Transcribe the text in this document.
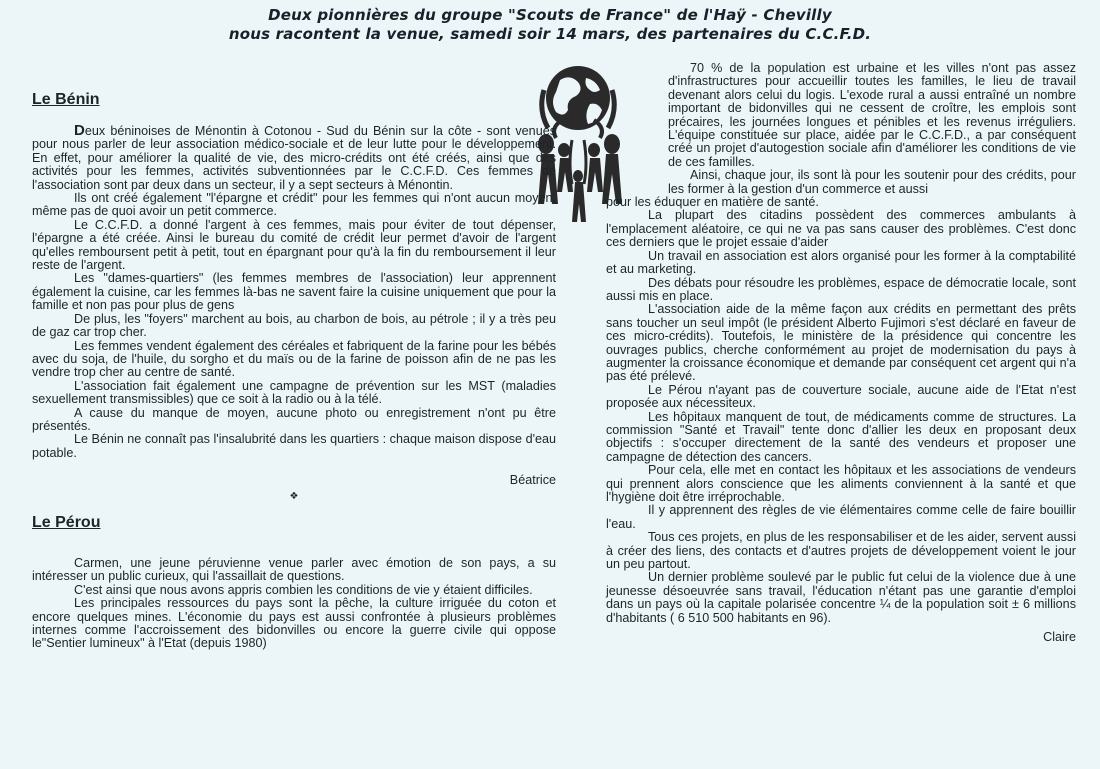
Deux pionnières du groupe "Scouts de France" de l'Haÿ - Chevilly
nous racontent la venue, samedi soir 14 mars, des partenaires du C.C.F.D.

Le Bénin

Deux béninoises de Ménontin à Cotonou - Sud du Bénin sur la côte - sont venues pour nous parler de leur association médico-sociale et de leur lutte pour le développement. En effet, pour améliorer la qualité de vie, des micro-crédits ont été créés, ainsi que des activités pour les femmes, activités subventionnées par le C.C.F.D. Ces femmes de l'association sont par deux dans un secteur, il y a sept secteurs à Ménontin.

Ils ont créé également "l'épargne et crédit" pour les femmes qui n'ont aucun moyen, même pas de quoi avoir un petit commerce.

Le C.C.F.D. a donné l'argent à ces femmes, mais pour éviter de tout dépenser, l'épargne a été créée. Ainsi le bureau du comité de crédit leur permet d'avoir de l'argent qu'elles remboursent petit à petit, tout en épargnant pour qu'à la fin du remboursement il leur reste de l'argent.

Les "dames-quartiers" (les femmes membres de l'association) leur apprennent également la cuisine, car les femmes là-bas ne savent faire la cuisine uniquement que pour la famille et non pas pour plus de gens

De plus, les "foyers" marchent au bois, au charbon de bois, au pétrole ; il y a très peu de gaz car trop cher.

Les femmes vendent également des céréales et fabriquent de la farine pour les bébés avec du soja, de l'huile, du sorgho et du maïs ou de la farine de poisson afin de ne pas les vendre trop cher au centre de santé.

L'association fait également une campagne de prévention sur les MST (maladies sexuellement transmissibles) que ce soit à la radio ou à la télé.

A cause du manque de moyen, aucune photo ou enregistrement n'ont pu être présentés.

Le Bénin ne connaît pas l'insalubrité dans les quartiers : chaque maison dispose d'eau potable.

Béatrice

❖

Le Pérou

Carmen, une jeune péruvienne venue parler avec émotion de son pays, a su intéresser un public curieux, qui l'assaillait de questions.

C'est ainsi que nous avons appris combien les conditions de vie y étaient difficiles.

Les principales ressources du pays sont la pêche, la culture irriguée du coton et encore quelques mines. L'économie du pays est aussi confrontée à plusieurs problèmes internes comme l'accroissement des bidonvilles ou encore la guerre civile qui oppose le"Sentier lumineux" à l'Etat (depuis 1980)

70 % de la population est urbaine et les villes n'ont pas assez d'infrastructures pour accueillir toutes les familles, le lieu de travail devenant alors celui du logis. L'exode rural a aussi entraîné un nombre important de bidonvilles qui ne cessent de croître, les emplois sont précaires, les journées longues et pénibles et les revenus irréguliers. L'équipe constituée sur place, aidée par le C.C.F.D., a par conséquent créé un projet d'autogestion sociale afin d'améliorer les conditions de vie de ces familles.

Ainsi, chaque jour, ils sont là pour les soutenir pour des crédits, pour les former à la gestion d'un commerce et aussi

pour les éduquer en matière de santé.

La plupart des citadins possèdent des commerces ambulants à l'emplacement aléatoire, ce qui ne va pas sans causer des problèmes. C'est donc ces derniers que le projet essaie d'aider

Un travail en association est alors organisé pour les former à la comptabilité et au marketing.

Des débats pour résoudre les problèmes, espace de démocratie locale, sont aussi mis en place.

L'association aide de la même façon aux crédits en permettant des prêts sans toucher un seul impôt (le président Alberto Fujimori s'est déclaré en faveur de ces micro-crédits). Toutefois, le ministère de la présidence qui concentre les ouvrages publics, cherche conformément au projet de modernisation du pays à augmenter la croissance économique et demande par conséquent cet argent qui n'a pas été prélevé.

Le Pérou n'ayant pas de couverture sociale, aucune aide de l'Etat n'est proposée aux nécessiteux.

Les hôpitaux manquent de tout, de médicaments comme de structures. La commission "Santé et Travail" tente donc d'allier les deux en proposant deux objectifs : s'occuper directement de la santé des vendeurs et proposer une campagne de détection des cancers.

Pour cela, elle met en contact les hôpitaux et les associations de vendeurs qui prennent alors conscience que les aliments conviennent à la santé et que l'hygiène doit être irréprochable.

Il y apprennent des règles de vie élémentaires comme celle de faire bouillir l'eau.

Tous ces projets, en plus de les responsabiliser et de les aider, servent aussi à créer des liens, des contacts et d'autres projets de développement voient le jour un peu partout.

Un dernier problème soulevé par le public fut celui de la violence due à une jeunesse désoeuvrée sans travail, l'éducation n'étant pas une garantie d'emploi dans un pays où la capitale polarisée concentre ¼ de la population soit ± 6 millions d'habitants ( 6 510 500 habitants en 96).

Claire
